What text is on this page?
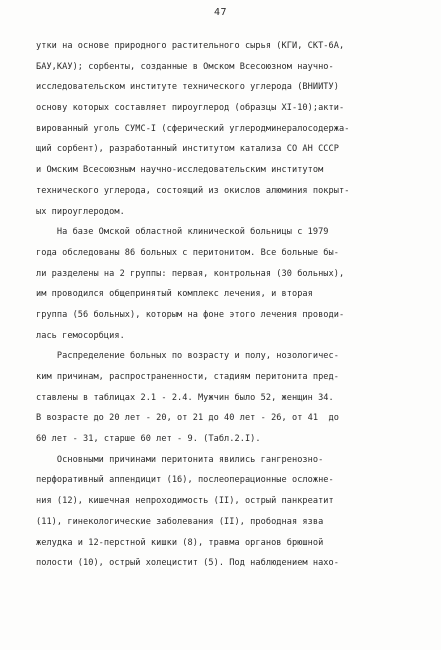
47
утки на основе природного растительного сырья (КГИ, СКТ-6А,
БАУ,КАУ); сорбенты, созданные в Омском Всесоюзном научно-
исследовательском институте технического углерода (ВНИИТУ)
основу которых составляет пироуглерод (образцы XI-10);акти-
вированный уголь СУМС-I (сферический углеродминералосодержа-
щий сорбент), разработанный институтом катализа СО АН СССР
и Омским Всесоюзным научно-исследовательским институтом
технического углерода, состоящий из окислов алюминия покрыт-
ых пироуглеродом.
На базе Омской областной клинической больницы с 1979
года обследованы 86 больных с перитонитом. Все больные бы-
ли разделены на 2 группы: первая, контрольная (30 больных),
им проводился общепринятый комплекс лечения, и вторая
группа (56 больных), которым на фоне этого лечения проводи-
лась гемосорбция.
Распределение больных по возрасту и полу, нозологичес-
ким причинам, распространенности, стадиям перитонита пред-
ставлены в таблицах 2.1 - 2.4. Мужчин было 52, женщин 34.
В возрасте до 20 лет - 20, от 21 до 40 лет - 26, от 41  до
60 лет - 31, старше 60 лет - 9. (Табл.2.I).
Основными причинами перитонита явились гангренозно-
перфоративный аппендицит (16), послеоперационные осложне-
ния (12), кишечная непроходимость (II), острый панкреатит
(11), гинекологические заболевания (II), прободная язва
желудка и 12-перстной кишки (8), травма органов брюшной
полости (10), острый холецистит (5). Под наблюдением нахо-
